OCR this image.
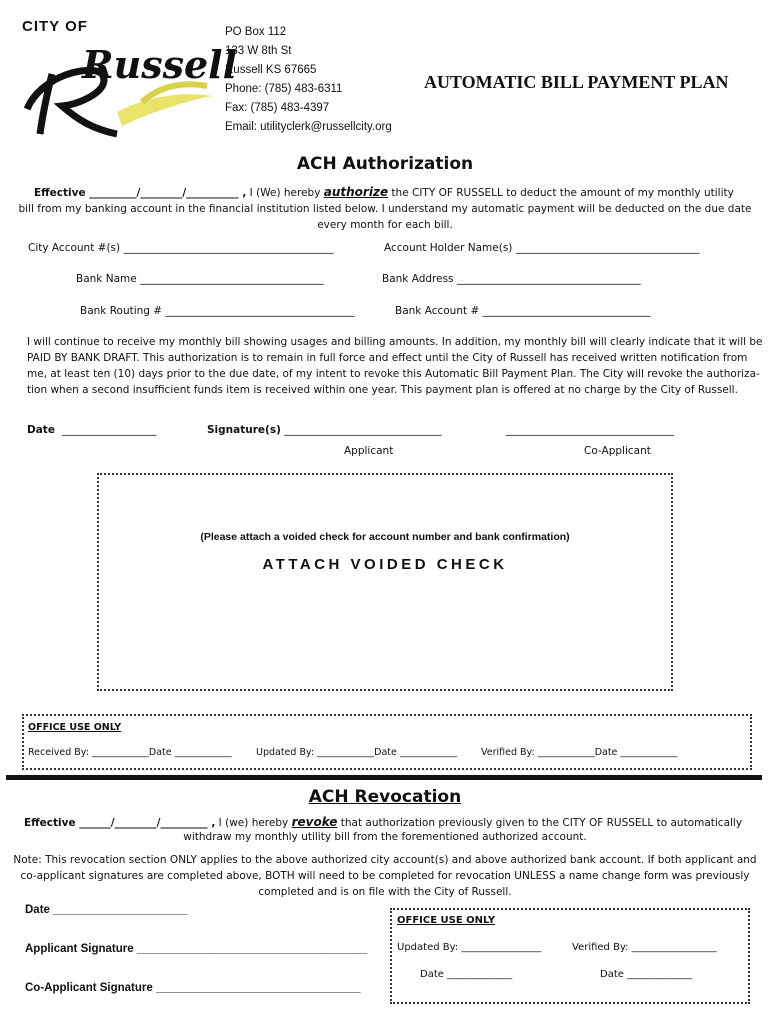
CITY OF
Russell
PO Box 112
133 W 8th St
Russell KS 67665
Phone: (785) 483-6311
Fax: (785) 483-4397
Email: utilityclerk@russellcity.org
AUTOMATIC BILL PAYMENT PLAN
ACH Authorization
Effective _________/________/__________ , I (We) hereby authorize the CITY OF RUSSELL to deduct the amount of my monthly utility
bill from my banking account in the financial institution listed below. I understand my automatic payment will be deducted on the due date
every month for each bill.
City Account #(s) ________________________________________	Account Holder Name(s) ___________________________________
Bank Name ___________________________________	Bank Address ___________________________________
Bank Routing # ____________________________________	Bank Account # ________________________________
I will continue to receive my monthly bill showing usages and billing amounts. In addition, my monthly bill will clearly indicate that it will be
PAID BY BANK DRAFT. This authorization is to remain in full force and effect until the City of Russell has received written notification from
me, at least ten (10) days prior to the due date, of my intent to revoke this Automatic Bill Payment Plan. The City will revoke the authoriza-
tion when a second insufficient funds item is received within one year. This payment plan is offered at no charge by the City of Russell.
Date __________________	Signature(s) ______________________________	________________________________
Applicant	Co-Applicant
(Please attach a voided check for account number and bank confirmation)
ATTACH VOIDED CHECK
OFFICE USE ONLY
Received By: ____________Date ____________	Updated By: ____________Date ____________	Verified By: ____________Date ____________
ACH Revocation
Effective ______/________/_________ , I (we) hereby revoke that authorization previously given to the CITY OF RUSSELL to automatically
withdraw my monthly utility bill from the forementioned authorized account.
Note: This revocation section ONLY applies to the above authorized city account(s) and above authorized bank account. If both applicant and
co-applicant signatures are completed above, BOTH will need to be completed for revocation UNLESS a name change form was previously
completed and is on file with the City of Russell.
Date _____________________
Applicant Signature ____________________________________
Co-Applicant Signature ________________________________
OFFICE USE ONLY
Updated By: ________________	Verified By: _________________
Date _____________	Date _____________
